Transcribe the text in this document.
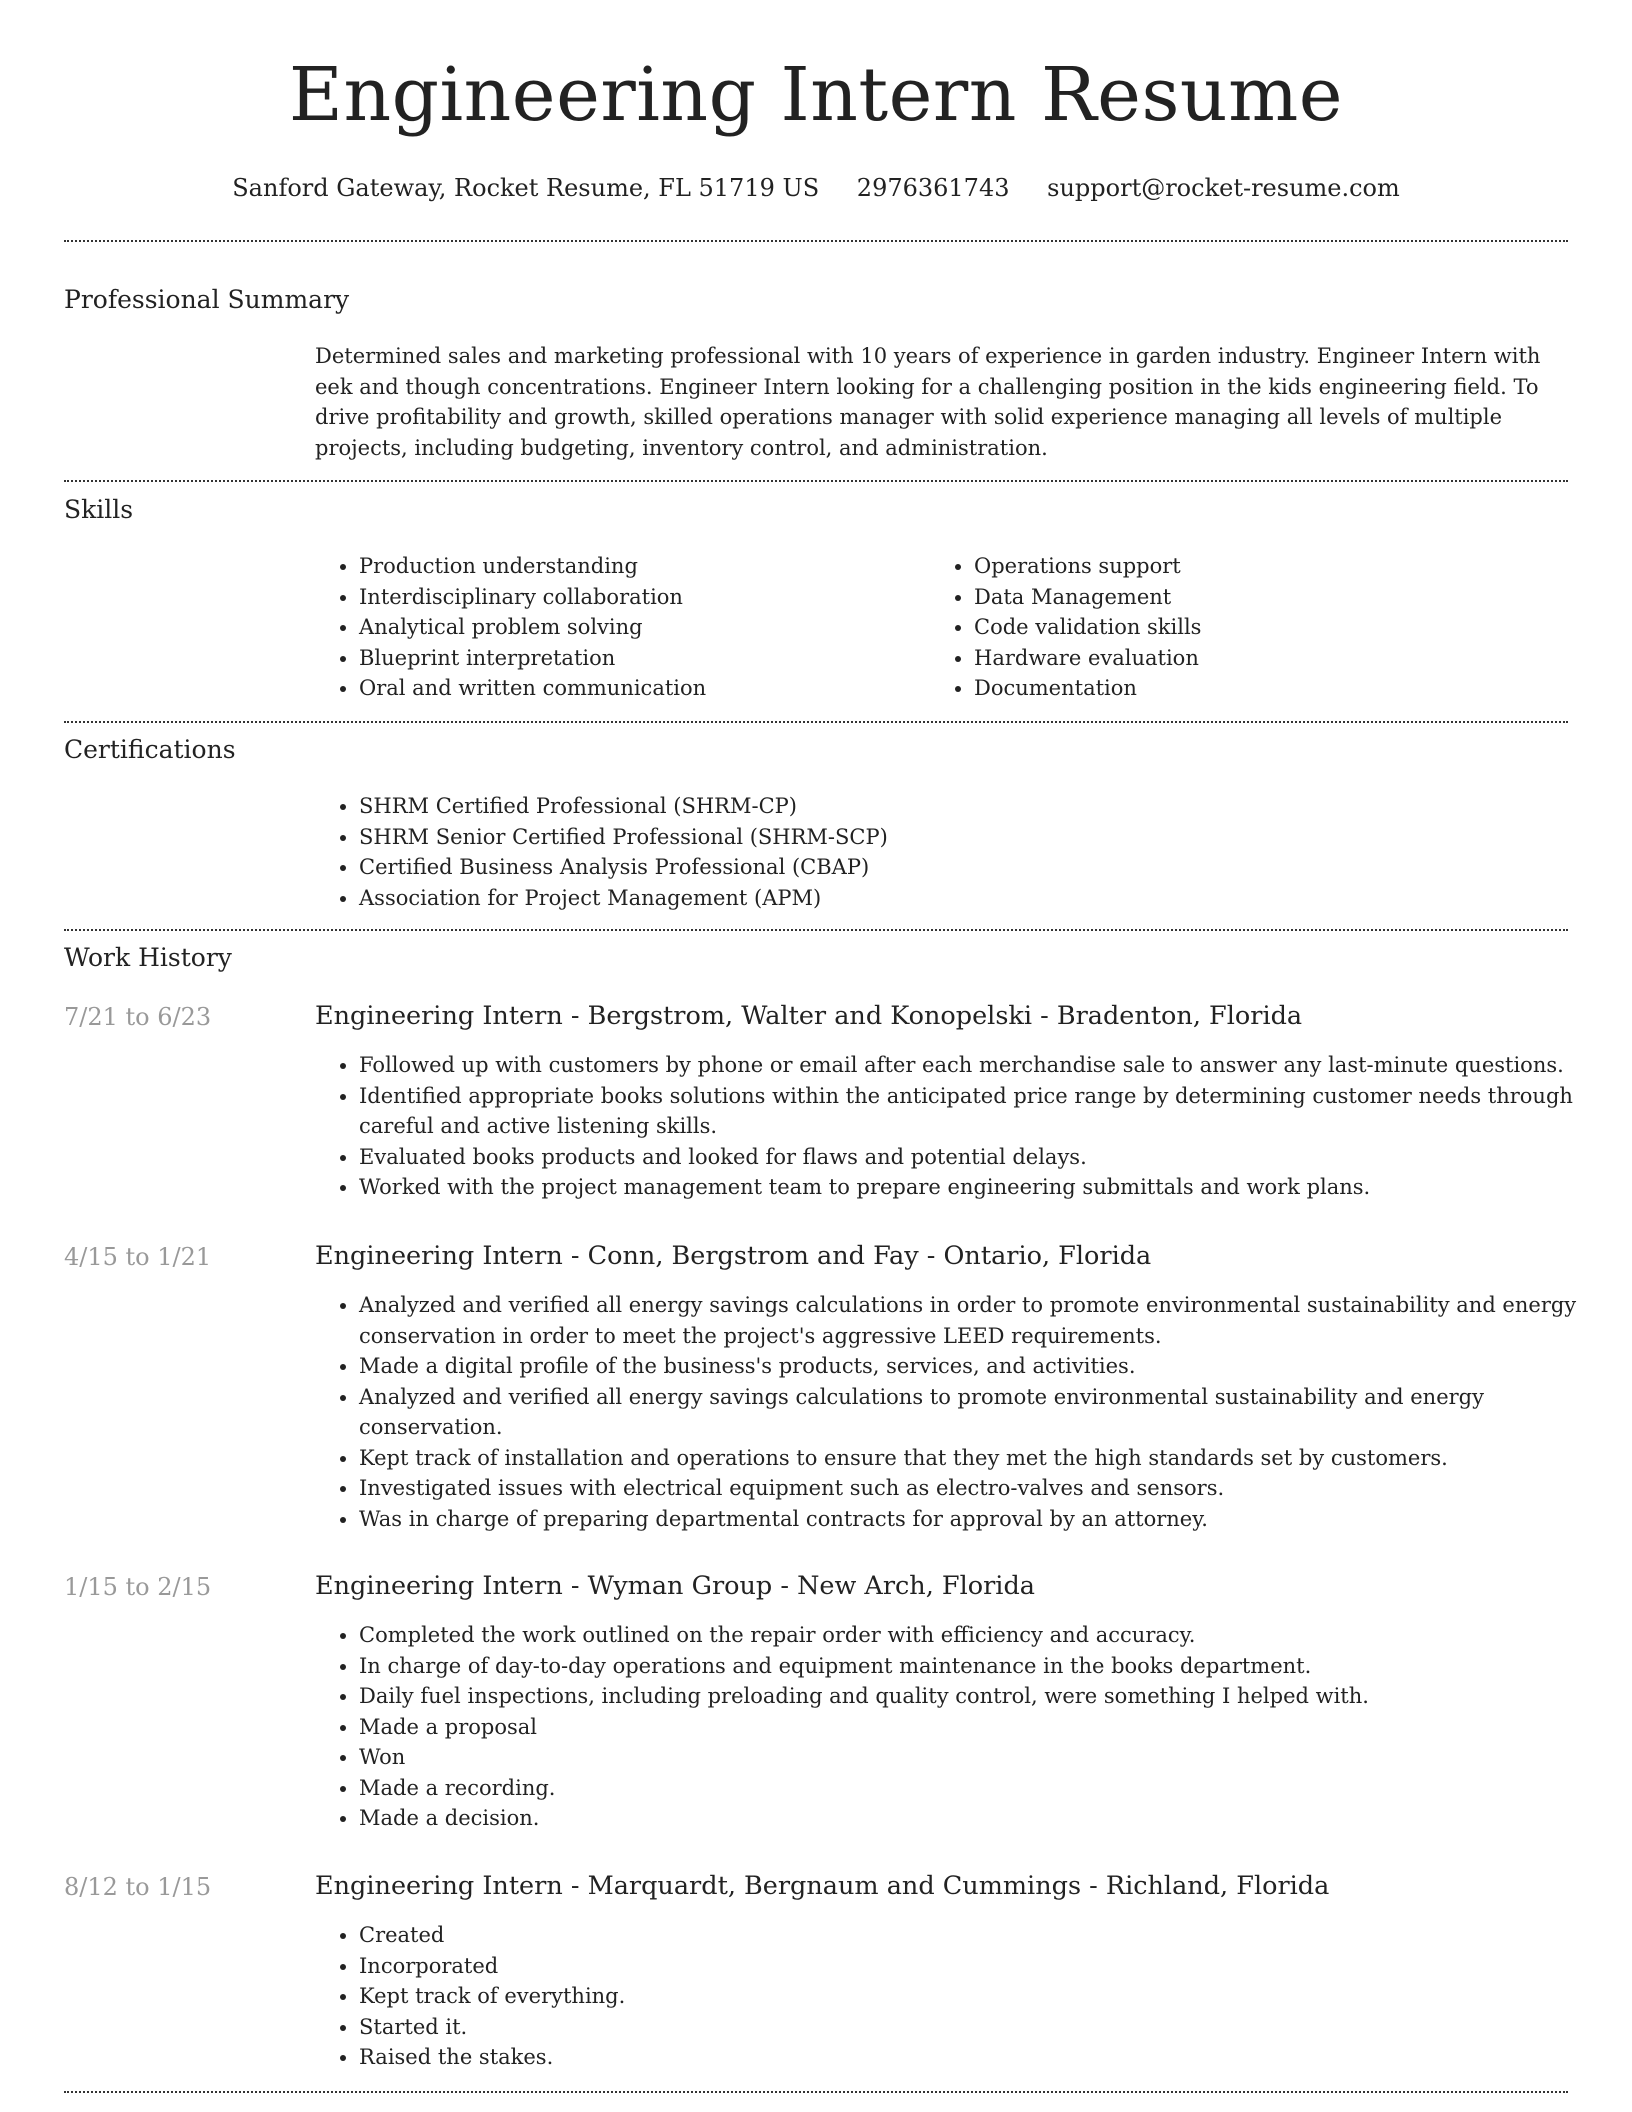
Engineering Intern Resume
Sanford Gateway, Rocket Resume, FL 51719 US 2976361743 support@rocket-resume.com
Professional Summary
Determined sales and marketing professional with 10 years of experience in garden industry. Engineer Intern with eek and though concentrations. Engineer Intern looking for a challenging position in the kids engineering field. To drive profitability and growth, skilled operations manager with solid experience managing all levels of multiple projects, including budgeting, inventory control, and administration.
Skills
• Production understanding
• Interdisciplinary collaboration
• Analytical problem solving
• Blueprint interpretation
• Oral and written communication
• Operations support
• Data Management
• Code validation skills
• Hardware evaluation
• Documentation
Certifications
• SHRM Certified Professional (SHRM-CP)
• SHRM Senior Certified Professional (SHRM-SCP)
• Certified Business Analysis Professional (CBAP)
• Association for Project Management (APM)
Work History
7/21 to 6/23	Engineering Intern - Bergstrom, Walter and Konopelski - Bradenton, Florida
• Followed up with customers by phone or email after each merchandise sale to answer any last-minute questions.
• Identified appropriate books solutions within the anticipated price range by determining customer needs through careful and active listening skills.
• Evaluated books products and looked for flaws and potential delays.
• Worked with the project management team to prepare engineering submittals and work plans.
4/15 to 1/21	Engineering Intern - Conn, Bergstrom and Fay - Ontario, Florida
• Analyzed and verified all energy savings calculations in order to promote environmental sustainability and energy conservation in order to meet the project's aggressive LEED requirements.
• Made a digital profile of the business's products, services, and activities.
• Analyzed and verified all energy savings calculations to promote environmental sustainability and energy conservation.
• Kept track of installation and operations to ensure that they met the high standards set by customers.
• Investigated issues with electrical equipment such as electro-valves and sensors.
• Was in charge of preparing departmental contracts for approval by an attorney.
1/15 to 2/15	Engineering Intern - Wyman Group - New Arch, Florida
• Completed the work outlined on the repair order with efficiency and accuracy.
• In charge of day-to-day operations and equipment maintenance in the books department.
• Daily fuel inspections, including preloading and quality control, were something I helped with.
• Made a proposal
• Won
• Made a recording.
• Made a decision.
8/12 to 1/15	Engineering Intern - Marquardt, Bergnaum and Cummings - Richland, Florida
• Created
• Incorporated
• Kept track of everything.
• Started it.
• Raised the stakes.
